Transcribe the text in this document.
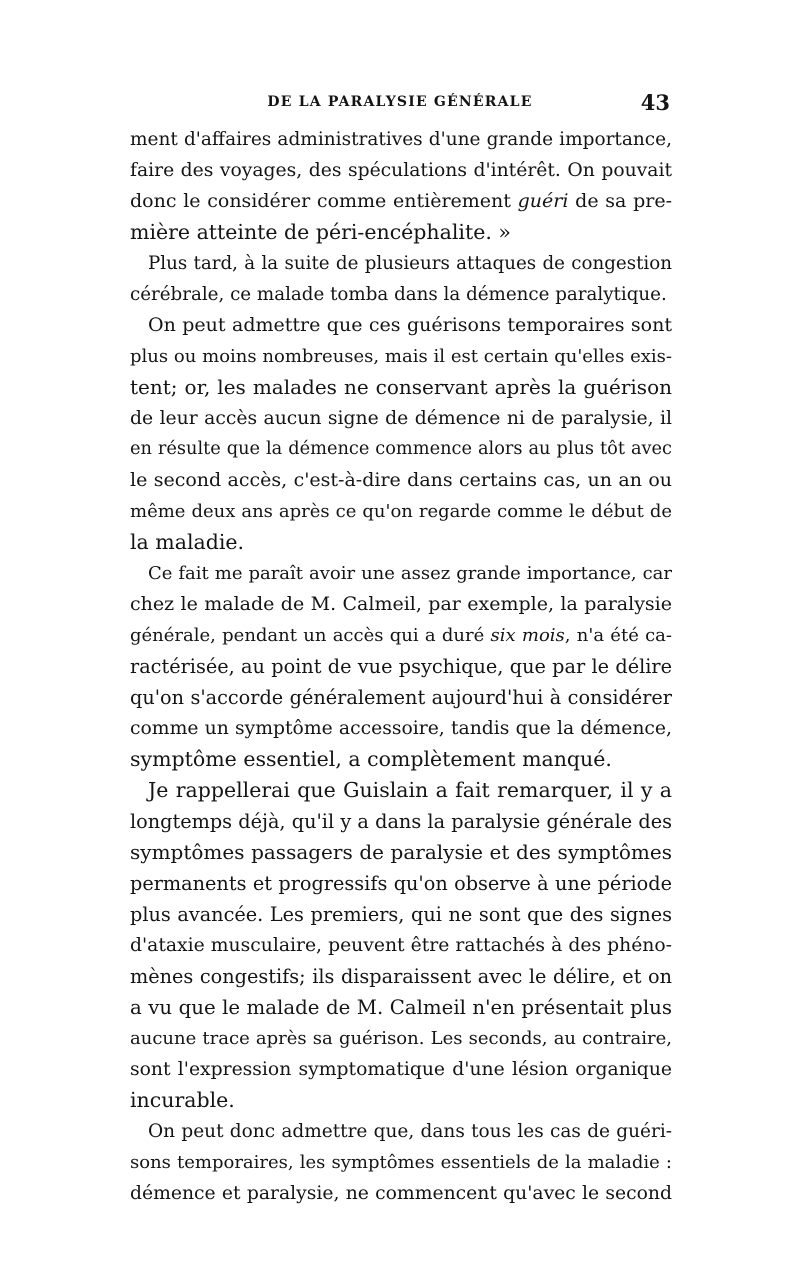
DE LA PARALYSIE GÉNÉRALE	43
ment d'affaires administratives d'une grande importance,
faire des voyages, des spéculations d'intérêt. On pouvait
donc le considérer comme entièrement guéri de sa pre-
mière atteinte de péri-encéphalite. »
Plus tard, à la suite de plusieurs attaques de congestion
cérébrale, ce malade tomba dans la démence paralytique.
On peut admettre que ces guérisons temporaires sont
plus ou moins nombreuses, mais il est certain qu'elles exis-
tent; or, les malades ne conservant après la guérison
de leur accès aucun signe de démence ni de paralysie, il
en résulte que la démence commence alors au plus tôt avec
le second accès, c'est-à-dire dans certains cas, un an ou
même deux ans après ce qu'on regarde comme le début de
la maladie.
Ce fait me paraît avoir une assez grande importance, car
chez le malade de M. Calmeil, par exemple, la paralysie
générale, pendant un accès qui a duré six mois, n'a été ca-
ractérisée, au point de vue psychique, que par le délire
qu'on s'accorde généralement aujourd'hui à considérer
comme un symptôme accessoire, tandis que la démence,
symptôme essentiel, a complètement manqué.
Je rappellerai que Guislain a fait remarquer, il y a
longtemps déjà, qu'il y a dans la paralysie générale des
symptômes passagers de paralysie et des symptômes
permanents et progressifs qu'on observe à une période
plus avancée. Les premiers, qui ne sont que des signes
d'ataxie musculaire, peuvent être rattachés à des phéno-
mènes congestifs; ils disparaissent avec le délire, et on
a vu que le malade de M. Calmeil n'en présentait plus
aucune trace après sa guérison. Les seconds, au contraire,
sont l'expression symptomatique d'une lésion organique
incurable.
On peut donc admettre que, dans tous les cas de guéri-
sons temporaires, les symptômes essentiels de la maladie :
démence et paralysie, ne commencent qu'avec le second
